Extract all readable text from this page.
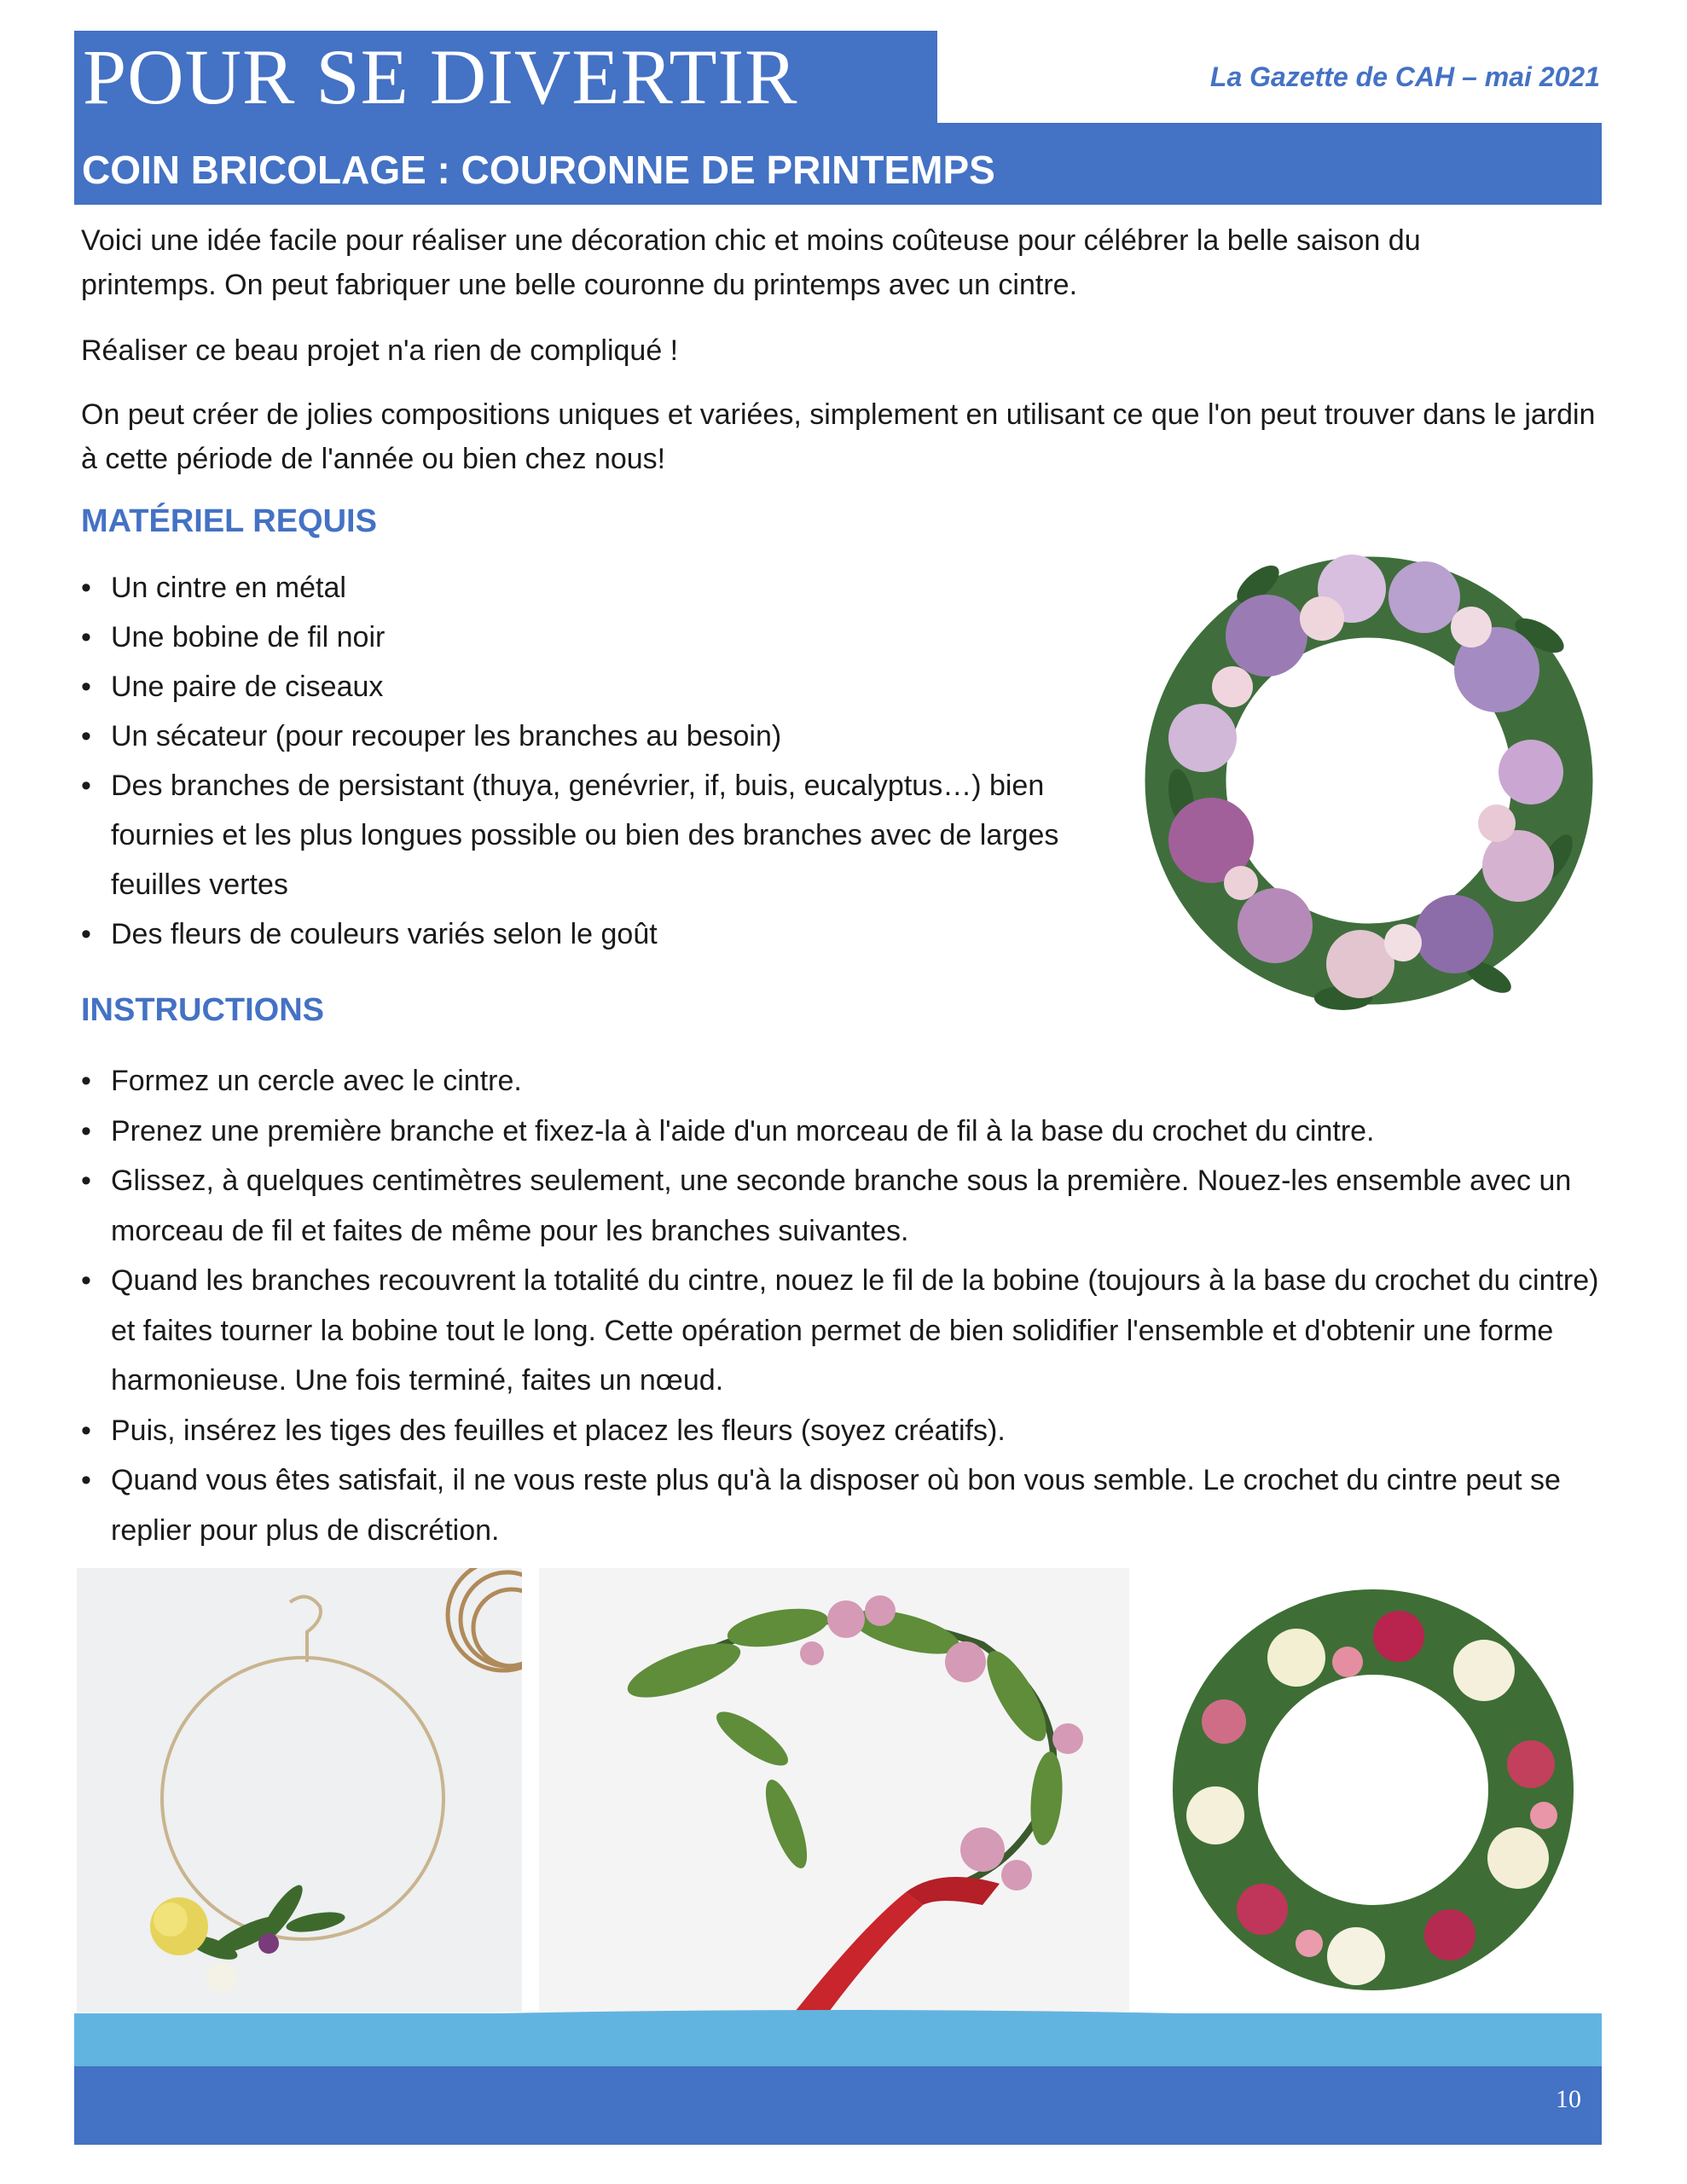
POUR SE DIVERTIR	La Gazette de CAH – mai 2021
COIN BRICOLAGE : COURONNE DE PRINTEMPS
Voici une idée facile pour réaliser une décoration chic et moins coûteuse pour célébrer la belle saison du printemps. On peut fabriquer une belle couronne du printemps avec un cintre.
Réaliser ce beau projet n'a rien de compliqué !
On peut créer de jolies compositions uniques et variées, simplement en utilisant ce que l'on peut trouver dans le jardin à cette période de l'année ou bien chez nous!
MATÉRIEL REQUIS
• Un cintre en métal
• Une bobine de fil noir
• Une paire de ciseaux
• Un sécateur (pour recouper les branches au besoin)
• Des branches de persistant (thuya, genévrier, if, buis, eucalyptus…) bien fournies et les plus longues possible ou bien des branches avec de larges feuilles vertes
• Des fleurs de couleurs variés selon le goût
INSTRUCTIONS
• Formez un cercle avec le cintre.
• Prenez une première branche et fixez-la à l'aide d'un morceau de fil à la base du crochet du cintre.
• Glissez, à quelques centimètres seulement, une seconde branche sous la première. Nouez-les ensemble avec un morceau de fil et faites de même pour les branches suivantes.
• Quand les branches recouvrent la totalité du cintre, nouez le fil de la bobine (toujours à la base du crochet du cintre) et faites tourner la bobine tout le long. Cette opération permet de bien solidifier l'ensemble et d'obtenir une forme harmonieuse. Une fois terminé, faites un nœud.
• Puis, insérez les tiges des feuilles et placez les fleurs (soyez créatifs).
• Quand vous êtes satisfait, il ne vous reste plus qu'à la disposer où bon vous semble. Le crochet du cintre peut se replier pour plus de discrétion.
10
